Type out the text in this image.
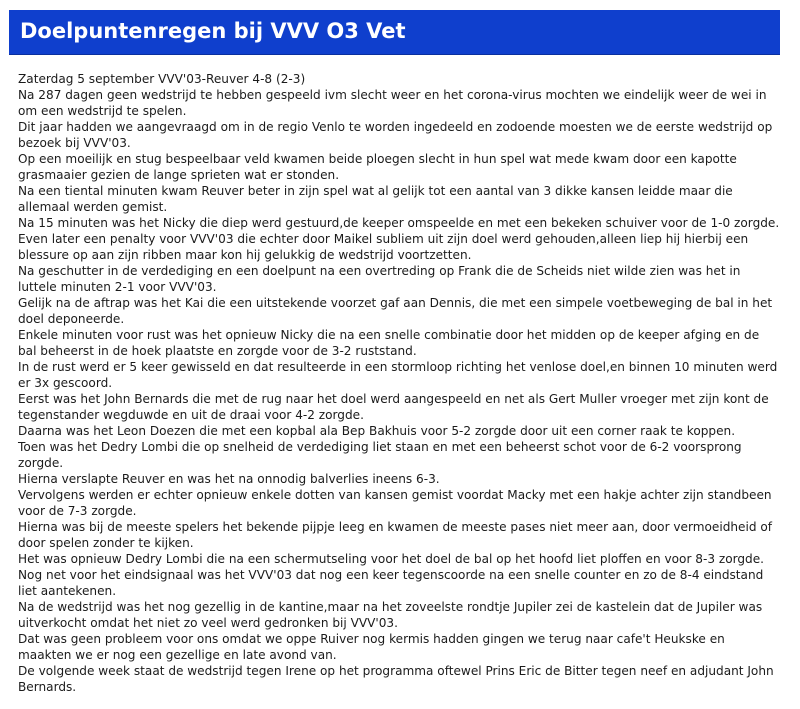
Doelpuntenregen bij VVV O3 Vet

Zaterdag 5 september VVV'03-Reuver 4-8 (2-3)

Na 287 dagen geen wedstrijd te hebben gespeeld ivm slecht weer en het corona-virus mochten we eindelijk weer de wei in om een wedstrijd te spelen.

Dit jaar hadden we aangevraagd om in de regio Venlo te worden ingedeeld en zodoende moesten we de eerste wedstrijd op bezoek bij VVV'03.

Op een moeilijk en stug bespeelbaar veld kwamen beide ploegen slecht in hun spel wat mede kwam door een kapotte grasmaaier gezien de lange sprieten wat er stonden.

Na een tiental minuten kwam Reuver beter in zijn spel wat al gelijk tot een aantal van 3 dikke kansen leidde maar die allemaal werden gemist.

Na 15 minuten was het Nicky die diep werd gestuurd,de keeper omspeelde en met een bekeken schuiver voor de 1-0 zorgde.

Even later een penalty voor VVV'03 die echter door Maikel subliem uit zijn doel werd gehouden,alleen liep hij hierbij een blessure op aan zijn ribben maar kon hij gelukkig de wedstrijd voortzetten.

Na geschutter in de verdediging en een doelpunt na een overtreding op Frank die de Scheids niet wilde zien was het in luttele minuten 2-1 voor VVV'03.

Gelijk na de aftrap was het Kai die een uitstekende voorzet gaf aan Dennis, die met een simpele voetbeweging de bal in het doel deponeerde.

Enkele minuten voor rust was het opnieuw Nicky die na een snelle combinatie door het midden op de keeper afging en de bal beheerst in de hoek plaatste en zorgde voor de 3-2 ruststand.

In de rust werd er 5 keer gewisseld en dat resulteerde in een stormloop richting het venlose doel,en binnen 10 minuten werd er 3x gescoord.

Eerst was het John Bernards die met de rug naar het doel werd aangespeeld en net als Gert Muller vroeger met zijn kont de tegenstander wegduwde en uit de draai voor 4-2 zorgde.

Daarna was het Leon Doezen die met een kopbal ala Bep Bakhuis voor 5-2 zorgde door uit een corner raak te koppen.

Toen was het Dedry Lombi die op snelheid de verdediging liet staan en met een beheerst schot voor de 6-2 voorsprong zorgde.

Hierna verslapte Reuver en was het na onnodig balverlies ineens 6-3.

Vervolgens werden er echter opnieuw enkele dotten van kansen gemist voordat Macky met een hakje achter zijn standbeen voor de 7-3 zorgde.

Hierna was bij de meeste spelers het bekende pijpje leeg en kwamen de meeste pases niet meer aan, door vermoeidheid of door spelen zonder te kijken.

Het was opnieuw Dedry Lombi die na een schermutseling voor het doel de bal op het hoofd liet ploffen en voor 8-3 zorgde.

Nog net voor het eindsignaal was het VVV'03 dat nog een keer tegenscoorde na een snelle counter en zo de 8-4 eindstand liet aantekenen.

Na de wedstrijd was het nog gezellig in de kantine,maar na het zoveelste rondtje Jupiler zei de kastelein dat de Jupiler was uitverkocht omdat het niet zo veel werd gedronken bij VVV'03.

Dat was geen probleem voor ons omdat we oppe Ruiver nog kermis hadden gingen we terug naar cafe't Heukske en maakten we er nog een gezellige en late avond van.

De volgende week staat de wedstrijd tegen Irene op het programma oftewel Prins Eric de Bitter tegen neef en adjudant John Bernards.
